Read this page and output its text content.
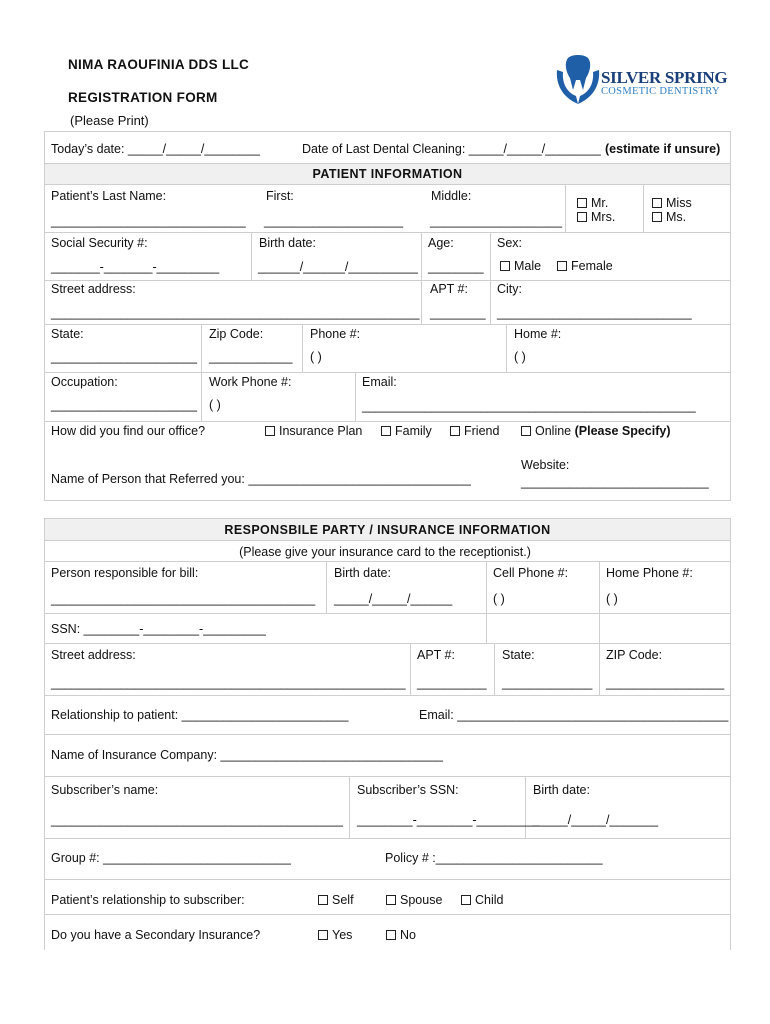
NIMA RAOUFINIA DDS LLC
REGISTRATION FORM
(Please Print)
SILVER SPRING
COSMETIC DENTISTRY
Today’s date: _____/_____/________	Date of Last Dental Cleaning: _____/_____/________ (estimate if unsure)
PATIENT INFORMATION
Patient’s Last Name:
____________________________
First:
____________________
Middle:
___________________
Mr.
Mrs.
Miss
Ms.
Social Security #:
_______-_______-_________
Birth date:
______/______/__________
Age:
________
Sex:
Male	Female
Street address:
_____________________________________________________
APT #:
________
City:
____________________________
State:
_____________________
Zip Code:
____________
Phone #:
( )
Home #:
( )
Occupation:
_____________________
Work Phone #:
( )
Email:
________________________________________________
How did you find our office?	Insurance Plan	Family	Friend	Online (Please Specify)
Website:
___________________________
Name of Person that Referred you: ________________________________
RESPONSBILE PARTY / INSURANCE INFORMATION
(Please give your insurance card to the receptionist.)
Person responsible for bill:
______________________________________
Birth date:
_____/_____/______
Cell Phone #:
( )
Home Phone #:
( )
SSN: ________-________-_________
Street address:
___________________________________________________
APT #:
__________
State:
_____________
ZIP Code:
_________________
Relationship to patient: ________________________	Email: _______________________________________
Name of Insurance Company: ________________________________
Subscriber’s name:
__________________________________________
Subscriber’s SSN:
________-________-_________
Birth date:
_____/_____/_______
Group #: ___________________________	Policy # :________________________
Patient’s relationship to subscriber:	Self	Spouse	Child
Do you have a Secondary Insurance?	Yes	No
